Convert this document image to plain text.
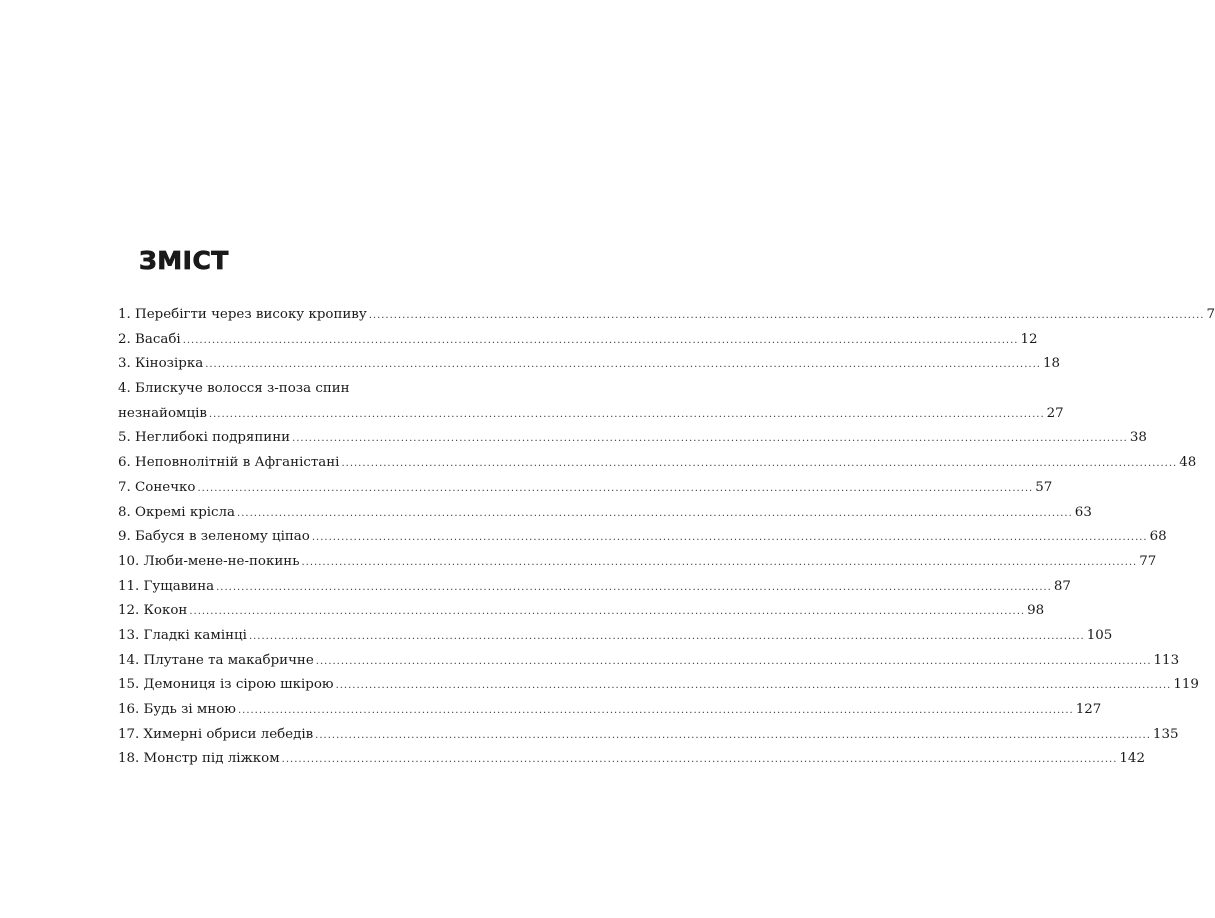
ЗМІСТ
1. Перебігти через високу кропиву ........................................................................................................................................................................................................ 7
2. Васабі ........................................................................................................................................................................................................ 12
3. Кінозірка ........................................................................................................................................................................................................ 18
4. Блискуче волосся з-поза спин
незнайомців ........................................................................................................................................................................................................ 27
5. Неглибокі подряпини ........................................................................................................................................................................................................ 38
6. Неповнолітній в Афганістані ........................................................................................................................................................................................................ 48
7. Сонечко ........................................................................................................................................................................................................ 57
8. Окремі крісла ........................................................................................................................................................................................................ 63
9. Бабуся в зеленому ціпао ........................................................................................................................................................................................................ 68
10. Люби-мене-не-покинь ........................................................................................................................................................................................................ 77
11. Гущавина ........................................................................................................................................................................................................ 87
12. Кокон ........................................................................................................................................................................................................ 98
13. Гладкі камінці ........................................................................................................................................................................................................ 105
14. Плутане та макабричне ........................................................................................................................................................................................................ 113
15. Демониця із сірою шкірою ........................................................................................................................................................................................................ 119
16. Будь зі мною ........................................................................................................................................................................................................ 127
17. Химерні обриси лебедів ........................................................................................................................................................................................................ 135
18. Монстр під ліжком ........................................................................................................................................................................................................ 142
